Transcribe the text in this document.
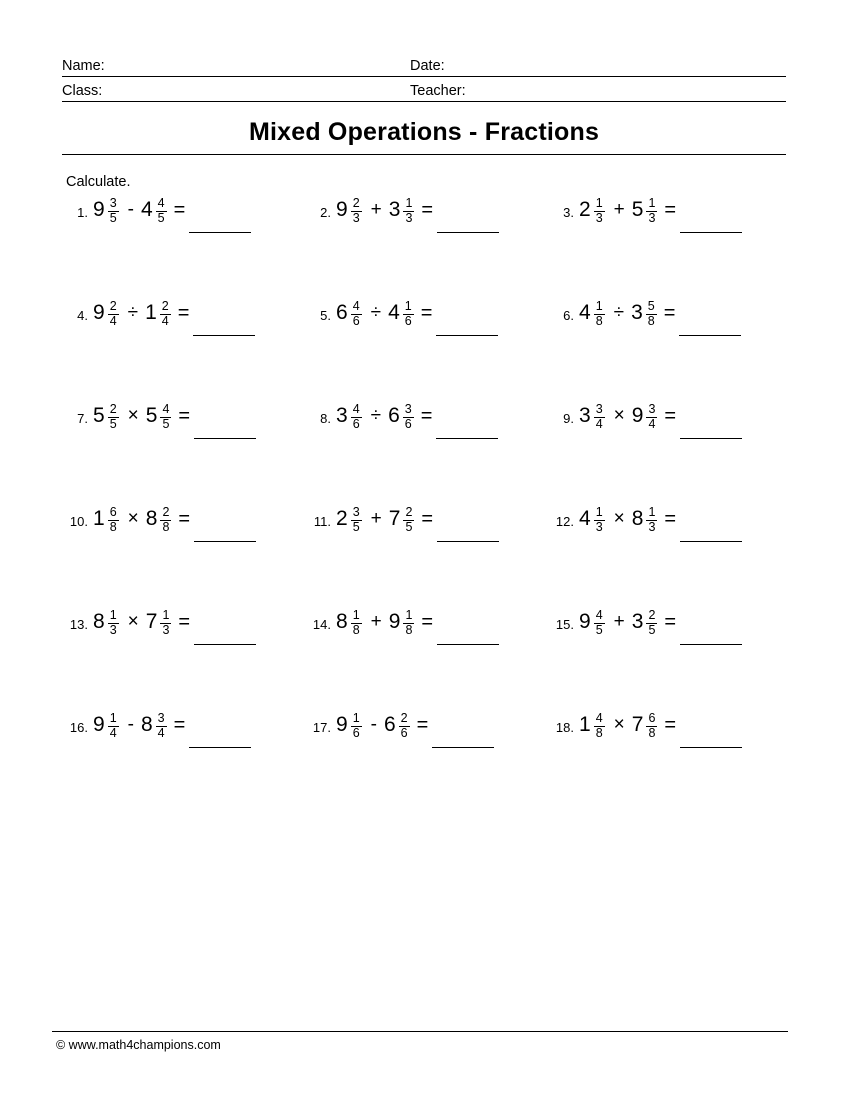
Name:	Date:
Class:	Teacher:
Mixed Operations - Fractions
Calculate.
1. $9 \frac{3}{5} - 4 \frac{4}{5}$ =	2. $9 \frac{2}{3} + 3 \frac{1}{3}$ =	3. $2 \frac{1}{3} + 5 \frac{1}{3}$ =
4. $9 \frac{2}{4} \div 1 \frac{2}{4}$ =	5. $6 \frac{4}{6} \div 4 \frac{1}{6}$ =	6. $4 \frac{1}{8} \div 3 \frac{5}{8}$ =
7. $5 \frac{2}{5} \times 5 \frac{4}{5}$ =	8. $3 \frac{4}{6} \div 6 \frac{3}{6}$ =	9. $3 \frac{3}{4} \times 9 \frac{3}{4}$ =
10. $1 \frac{6}{8} \times 8 \frac{2}{8}$ =	11. $2 \frac{3}{5} + 7 \frac{2}{5}$ =	12. $4 \frac{1}{3} \times 8 \frac{1}{3}$ =
13. $8 \frac{1}{3} \times 7 \frac{1}{3}$ =	14. $8 \frac{1}{8} + 9 \frac{1}{8}$ =	15. $9 \frac{4}{5} + 3 \frac{2}{5}$ =
16. $9 \frac{1}{4} - 8 \frac{3}{4}$ =	17. $9 \frac{1}{6} - 6 \frac{2}{6}$ =	18. $1 \frac{4}{8} \times 7 \frac{6}{8}$ =
© www.math4champions.com
